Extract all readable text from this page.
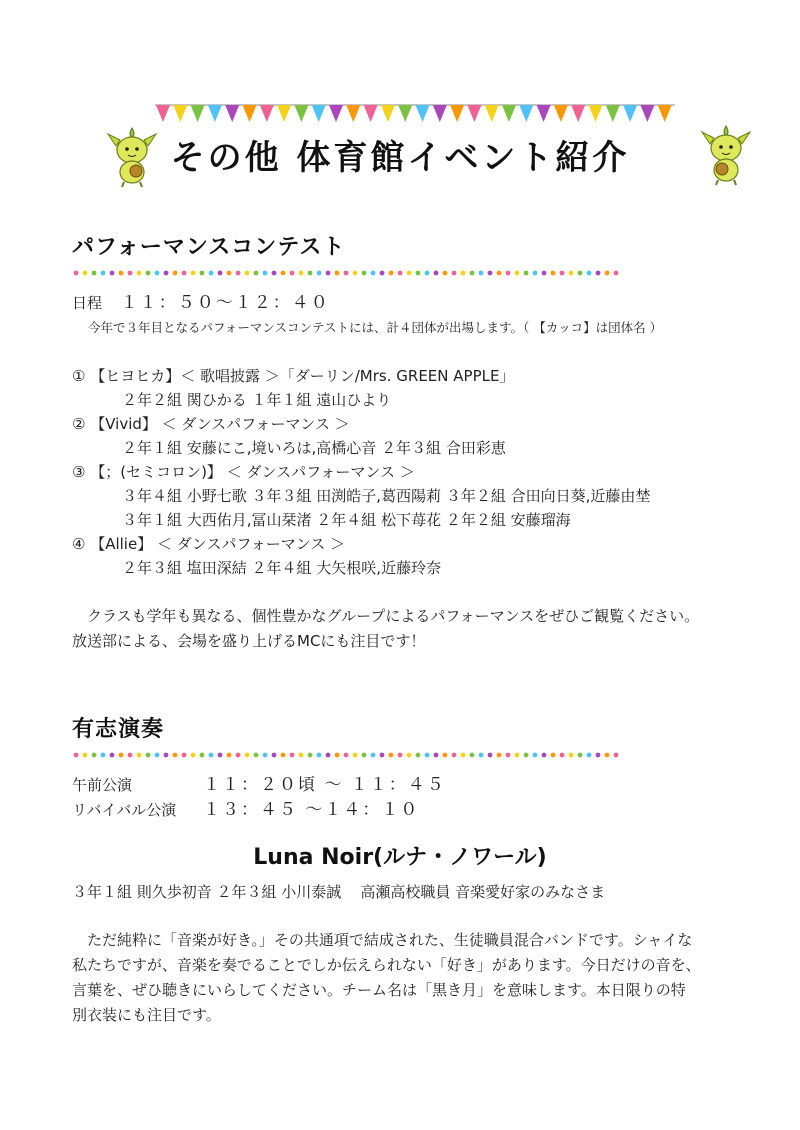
その他 体育館イベント紹介
パフォーマンスコンテスト
日程 １１：５０〜１２：４０
今年で３年目となるパフォーマンスコンテストには、計４団体が出場します。（ 【カッコ】は団体名 ）
① 【ヒヨヒカ】＜ 歌唱披露 ＞「ダーリン/Mrs. GREEN APPLE」
２年２組 関ひかる １年１組 遠山ひより
② 【Vivid】 ＜ ダンスパフォーマンス ＞
２年１組 安藤にこ,境いろは,高橋心音 ２年３組 合田彩恵
③ 【；(セミコロン)】 ＜ ダンスパフォーマンス ＞
３年４組 小野七歌 ３年３組 田渕皓子,葛西陽莉 ３年２組 合田向日葵,近藤由埜
３年１組 大西佑月,冨山栞渚 ２年４組 松下苺花 ２年２組 安藤瑠海
④ 【Allie】 ＜ ダンスパフォーマンス ＞
２年３組 塩田深結 ２年４組 大矢根咲,近藤玲奈
クラスも学年も異なる、個性豊かなグループによるパフォーマンスをぜひご観覧ください。
放送部による、会場を盛り上げるMCにも注目です！
有志演奏
午前公演	１１：２０頃 〜 １１：４５
リバイバル公演 １３：４５ 〜１４：１０
Luna Noir(ルナ・ノワール)
３年１組 則久歩初音 ２年３組 小川泰誠    高瀬高校職員 音楽愛好家のみなさま
ただ純粋に「音楽が好き。」その共通項で結成された、生徒職員混合バンドです。シャイな
私たちですが、音楽を奏でることでしか伝えられない「好き」があります。今日だけの音を、
言葉を、ぜひ聴きにいらしてください。チーム名は「黒き月」を意味します。本日限りの特
別衣装にも注目です。
